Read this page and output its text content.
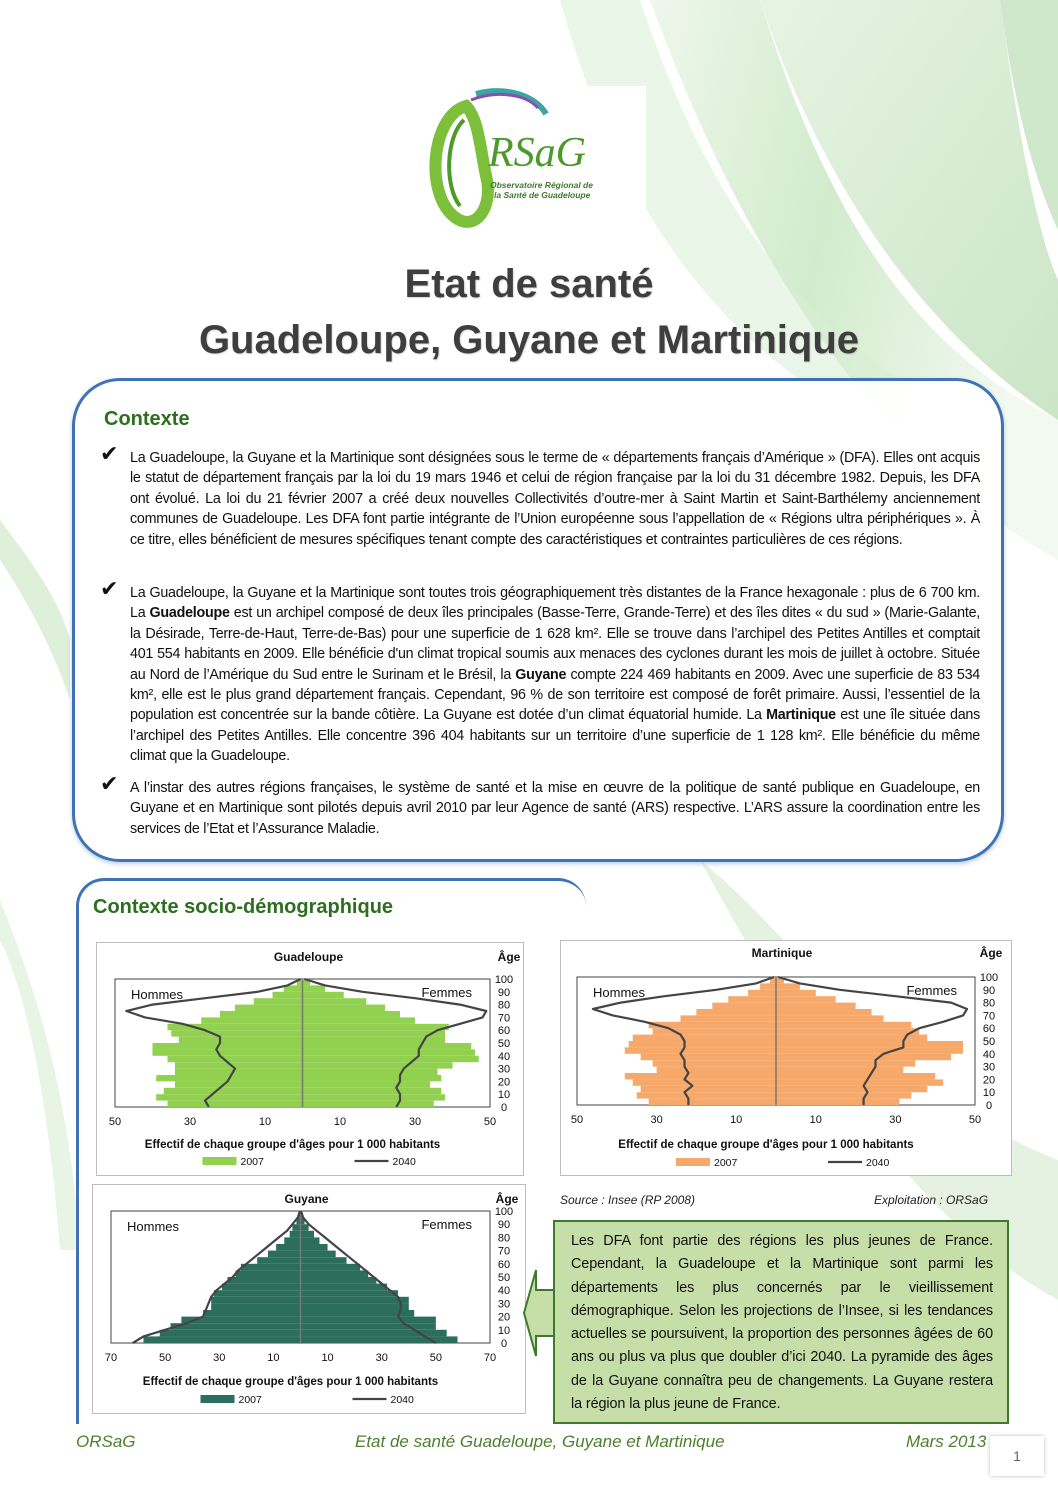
RSaG
Observatoire Régional de
la Santé de Guadeloupe
Etat de santé
Guadeloupe, Guyane et Martinique
Contexte
✔ La Guadeloupe, la Guyane et la Martinique sont désignées sous le terme de « départements français d’Amérique » (DFA). Elles ont acquis le statut de département français par la loi du 19 mars 1946 et celui de région française par la loi du 31 décembre 1982. Depuis, les DFA ont évolué. La loi du 21 février 2007 a créé deux nouvelles Collectivités d’outre-mer à Saint Martin et Saint-Barthélemy anciennement communes de Guadeloupe. Les DFA font partie intégrante de l’Union européenne sous l’appellation de « Régions ultra périphériques ». À ce titre, elles bénéficient de mesures spécifiques tenant compte des caractéristiques et contraintes particulières de ces régions.
✔ La Guadeloupe, la Guyane et la Martinique sont toutes trois géographiquement très distantes de la France hexagonale : plus de 6 700 km. La Guadeloupe est un archipel composé de deux îles principales (Basse-Terre, Grande-Terre) et des îles dites « du sud » (Marie-Galante, la Désirade, Terre-de-Haut, Terre-de-Bas) pour une superficie de 1 628 km². Elle se trouve dans l’archipel des Petites Antilles et comptait 401 554 habitants en 2009. Elle bénéficie d'un climat tropical soumis aux menaces des cyclones durant les mois de juillet à octobre. Située au Nord de l’Amérique du Sud entre le Surinam et le Brésil, la Guyane compte 224 469 habitants en 2009. Avec une superficie de 83 534 km², elle est le plus grand département français. Cependant, 96 % de son territoire est composé de forêt primaire. Aussi, l’essentiel de la population est concentrée sur la bande côtière. La Guyane est dotée d’un climat équatorial humide. La Martinique est une île située dans l’archipel des Petites Antilles. Elle concentre 396 404 habitants sur un territoire d’une superficie de 1 128 km². Elle bénéficie du même climat que la Guadeloupe.
✔ A l’instar des autres régions françaises, le système de santé et la mise en œuvre de la politique de santé publique en Guadeloupe, en Guyane et en Martinique sont pilotés depuis avril 2010 par leur Agence de santé (ARS) respective. L’ARS assure la coordination entre les services de l’Etat et l’Assurance Maladie.
Contexte socio-démographique
Guadeloupe
Hommes	Femmes
Âge
100
90
80
70
60
50
40
30
20
10
0
50	30	10	10	30	50
Effectif de chaque groupe d'âges pour 1 000 habitants
2007	2040
Martinique
Hommes	Femmes
Âge
100
90
80
70
60
50
40
30
20
10
0
50	30	10	10	30	50
Effectif de chaque groupe d'âges pour 1 000 habitants
2007	2040
Guyane
Hommes	Femmes
Âge
100
90
80
70
60
50
40
30
20
10
0
70	50	30	10	10	30	50	70
Effectif de chaque groupe d'âges pour 1 000 habitants
2007	2040
Source : Insee (RP 2008)	Exploitation : ORSaG
Les DFA font partie des régions les plus jeunes de France. Cependant, la Guadeloupe et la Martinique sont parmi les départements les plus concernés par le vieillissement démographique. Selon les projections de l’Insee, si les tendances actuelles se poursuivent, la proportion des personnes âgées de 60 ans ou plus va plus que doubler d’ici 2040. La pyramide des âges de la Guyane connaîtra peu de changements. La Guyane restera la région la plus jeune de France.
ORSaG	Etat de santé Guadeloupe, Guyane et Martinique	Mars 2013
1
